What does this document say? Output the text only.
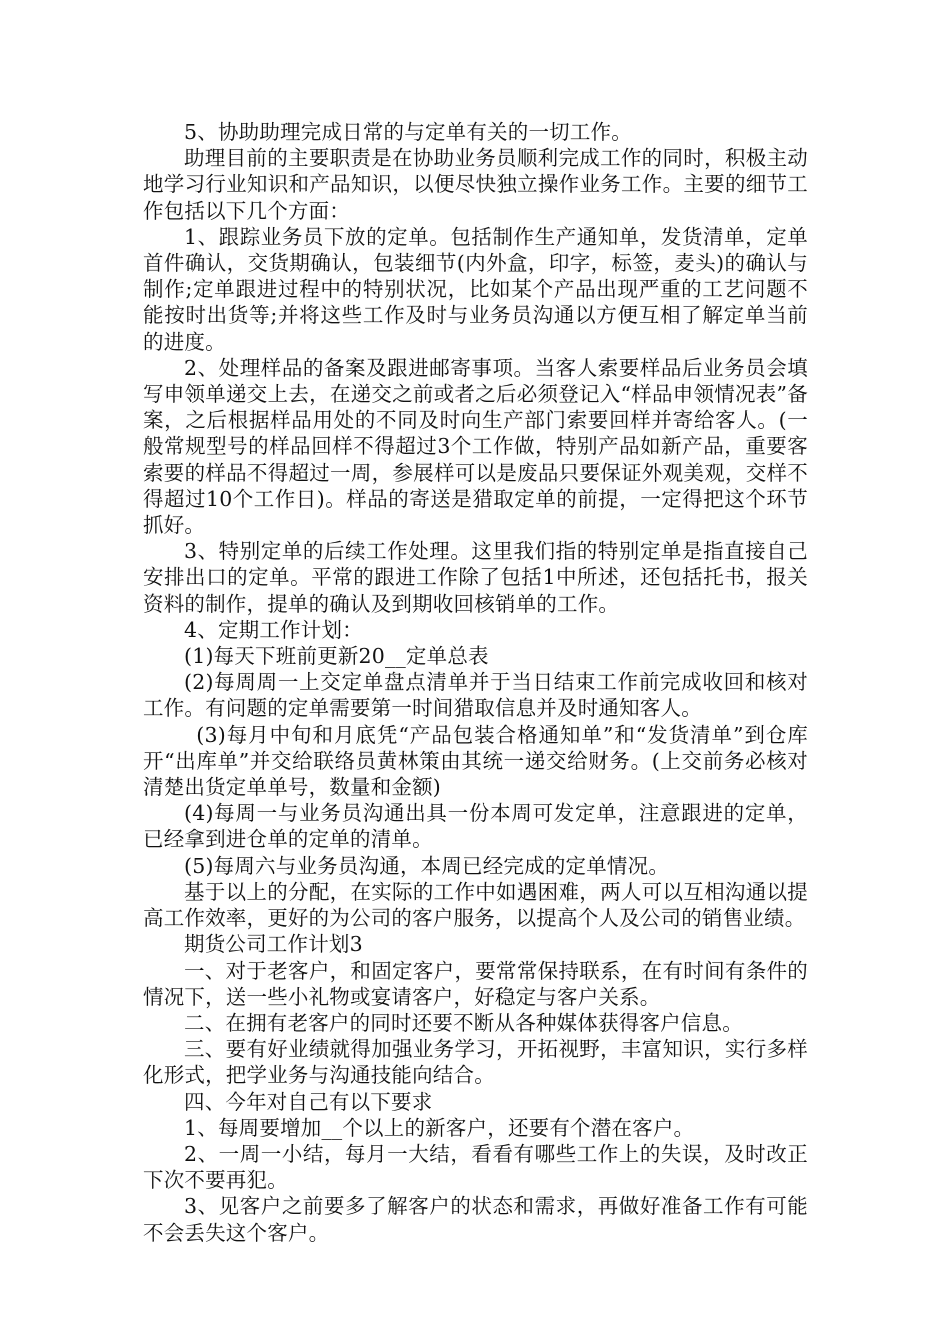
5、协助助理完成日常的与定单有关的一切工作。

助理目前的主要职责是在协助业务员顺利完成工作的同时，积极主动地学习行业知识和产品知识，以便尽快独立操作业务工作。主要的细节工作包括以下几个方面：

1、跟踪业务员下放的定单。包括制作生产通知单，发货清单，定单首件确认，交货期确认，包装细节(内外盒，印字，标签，麦头)的确认与制作;定单跟进过程中的特别状况，比如某个产品出现严重的工艺问题不能按时出货等;并将这些工作及时与业务员沟通以方便互相了解定单当前的进度。

2、处理样品的备案及跟进邮寄事项。当客人索要样品后业务员会填写申领单递交上去，在递交之前或者之后必须登记入“样品申领情况表”备案，之后根据样品用处的不同及时向生产部门索要回样并寄给客人。(一般常规型号的样品回样不得超过3个工作做，特别产品如新产品，重要客索要的样品不得超过一周，参展样可以是废品只要保证外观美观，交样不得超过10个工作日)。样品的寄送是猎取定单的前提，一定得把这个环节抓好。

3、特别定单的后续工作处理。这里我们指的特别定单是指直接自己安排出口的定单。平常的跟进工作除了包括1中所述，还包括托书，报关资料的制作，提单的确认及到期收回核销单的工作。

4、定期工作计划：

(1)每天下班前更新20__定单总表

(2)每周周一上交定单盘点清单并于当日结束工作前完成收回和核对工作。有问题的定单需要第一时间猎取信息并及时通知客人。

(3)每月中旬和月底凭“产品包装合格通知单”和“发货清单”到仓库开“出库单”并交给联络员黄林策由其统一递交给财务。(上交前务必核对清楚出货定单单号，数量和金额)

(4)每周一与业务员沟通出具一份本周可发定单，注意跟进的定单，已经拿到进仓单的定单的清单。

(5)每周六与业务员沟通，本周已经完成的定单情况。

基于以上的分配，在实际的工作中如遇困难，两人可以互相沟通以提高工作效率，更好的为公司的客户服务，以提高个人及公司的销售业绩。

期货公司工作计划3

一、对于老客户，和固定客户，要常常保持联系，在有时间有条件的情况下，送一些小礼物或宴请客户，好稳定与客户关系。

二、在拥有老客户的同时还要不断从各种媒体获得客户信息。

三、要有好业绩就得加强业务学习，开拓视野，丰富知识，实行多样化形式，把学业务与沟通技能向结合。

四、今年对自己有以下要求

1、每周要增加__个以上的新客户，还要有个潜在客户。

2、一周一小结，每月一大结，看看有哪些工作上的失误，及时改正下次不要再犯。

3、见客户之前要多了解客户的状态和需求，再做好准备工作有可能不会丢失这个客户。
